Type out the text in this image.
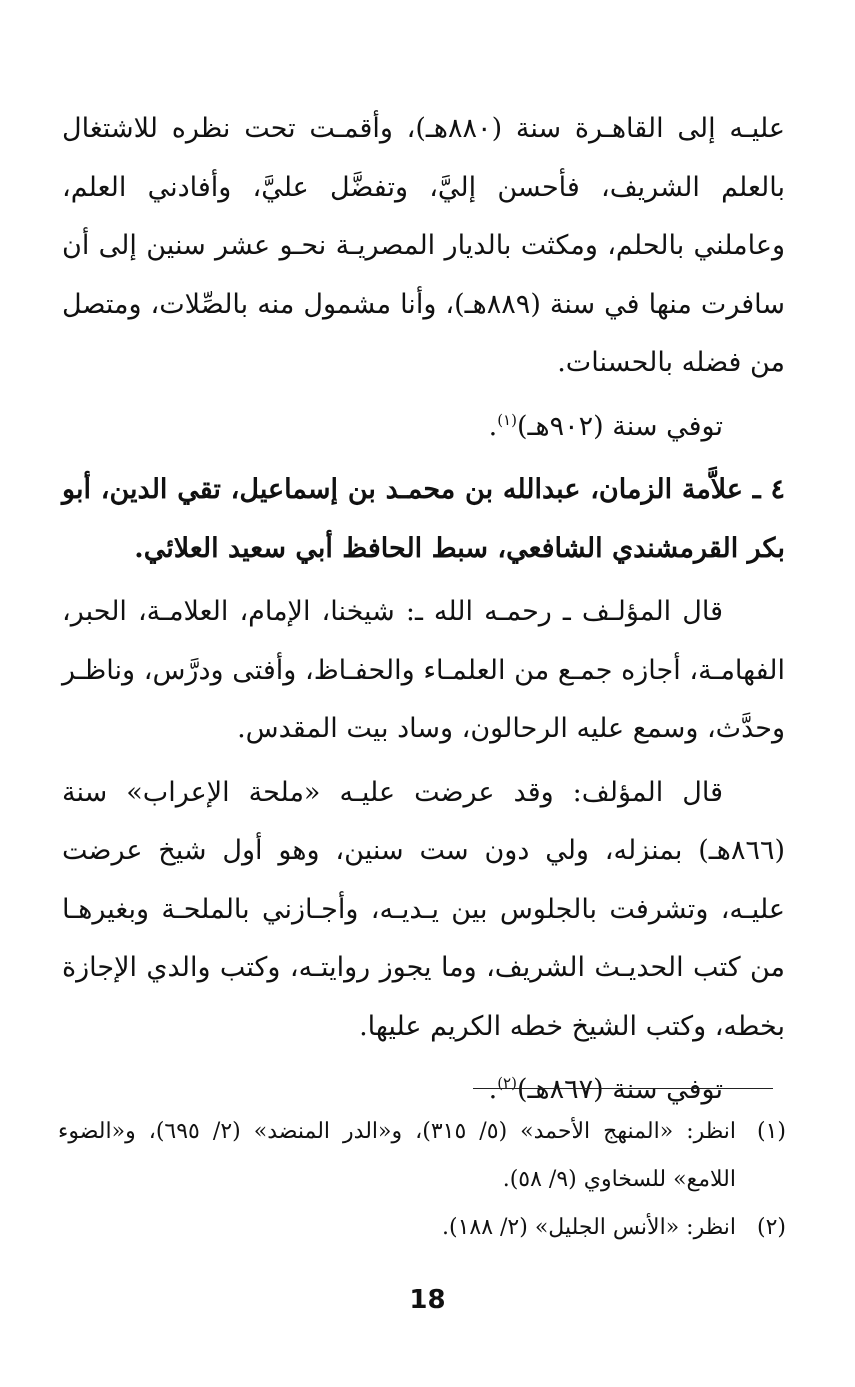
عليـه إلى القاهـرة سنة (٨٨٠هـ)، وأقمـت تحت نظره للاشتغال بالعلم الشريف، فأحسن إليَّ، وتفضَّل عليَّ، وأفادني العلم، وعاملني بالحلم، ومكثت بالديار المصريـة نحـو عشر سنين إلى أن سافرت منها في سنة (٨٨٩هـ)، وأنا مشمول منه بالصِّلات، ومتصل من فضله بالحسنات.

توفي سنة (٩٠٢هـ)$^{(١)}$.

٤ ـ علاَّمة الزمان، عبدالله بن محمـد بن إسماعيل، تقي الدين، أبو بكر القرمشندي الشافعي، سبط الحافظ أبي سعيد العلائي.

قال المؤلـف ـ رحمـه الله ـ: شيخنا، الإمام، العلامـة، الحبر، الفهامـة، أجازه جمـع من العلمـاء والحفـاظ، وأفتى ودرَّس، وناظـر وحدَّث، وسمع عليه الرحالون، وساد بيت المقدس.

قال المؤلف: وقد عرضت عليـه «ملحة الإعراب» سنة (٨٦٦هـ) بمنزله، ولي دون ست سنين، وهو أول شيخ عرضت عليـه، وتشرفت بالجلوس بين يـديـه، وأجـازني بالملحـة وبغيرهـا من كتب الحديـث الشريف، وما يجوز روايتـه، وكتب والدي الإجازة بخطه، وكتب الشيخ خطه الكريم عليها.

توفي سنة (٨٦٧هـ)$^{(٢)}$.

(١)
انظر: «المنهج الأحمد» (٥/ ٣١٥)، و«الدر المنضد» (٢/ ٦٩٥)، و«الضوء اللامع» للسخاوي (٩/ ٥٨).
(٢)
انظر: «الأنس الجليل» (٢/ ١٨٨).
18
